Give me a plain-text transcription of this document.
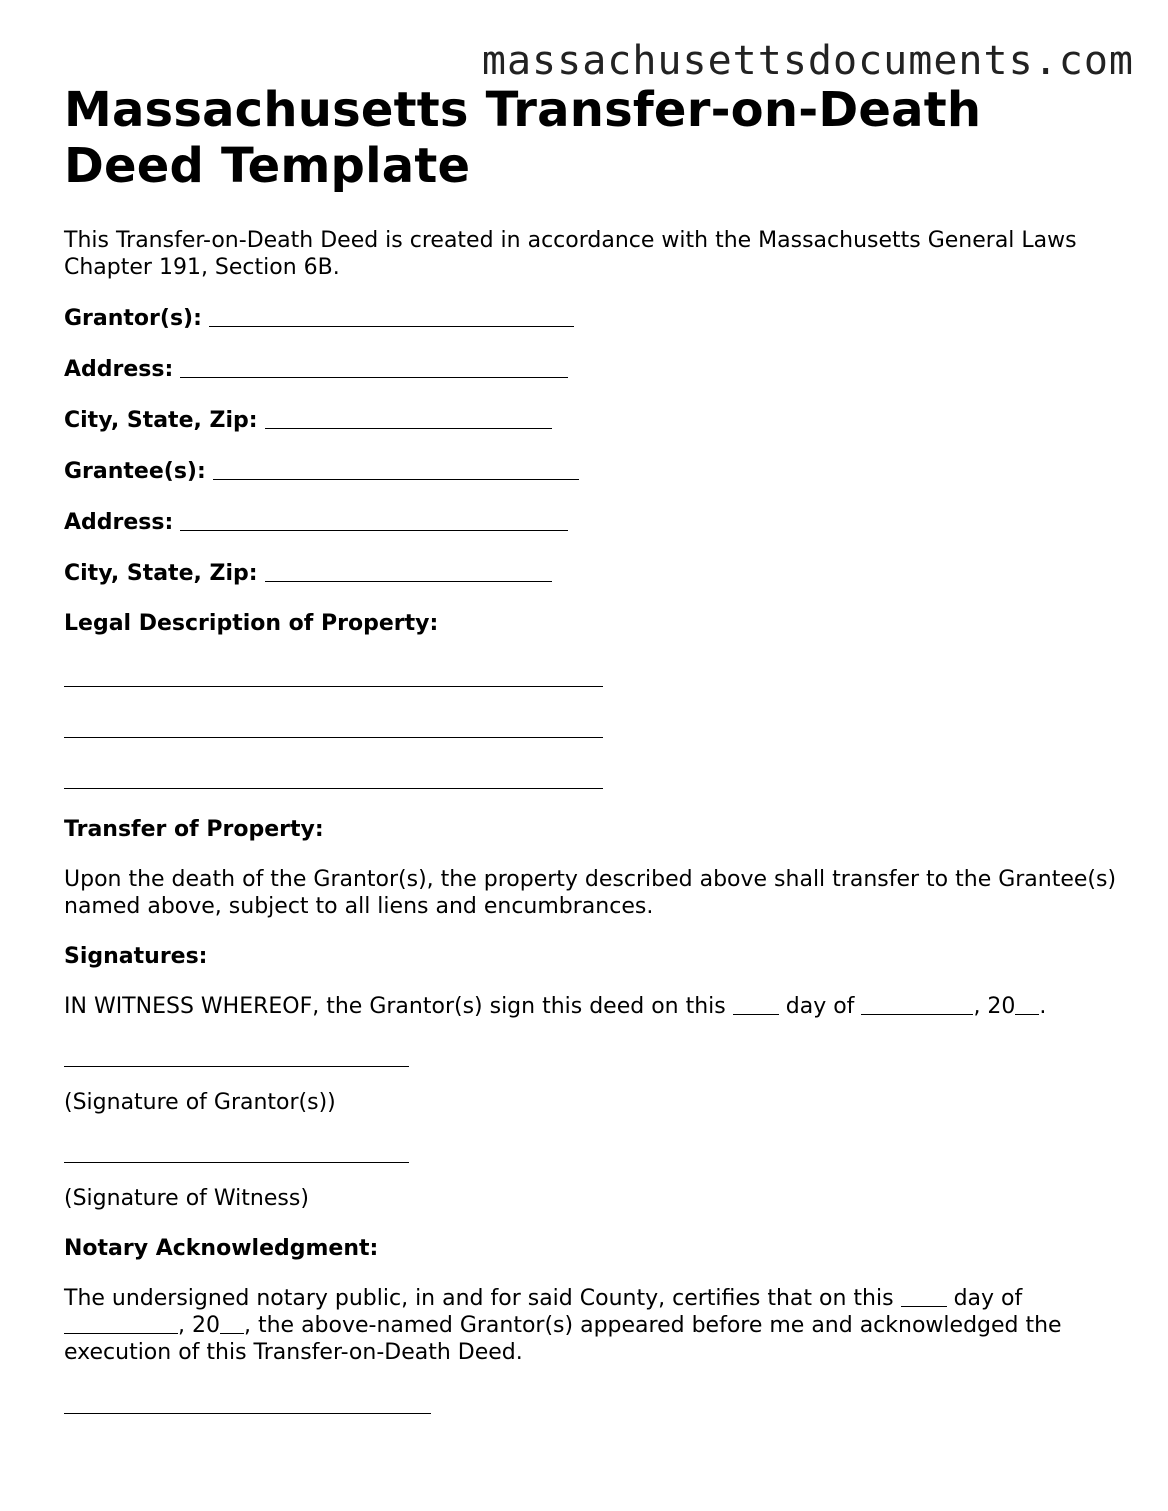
massachusettsdocuments.com
Massachusetts Transfer-on-Death Deed Template

This Transfer-on-Death Deed is created in accordance with the Massachusetts General Laws Chapter 191, Section 6B.

Grantor(s):

Address:

City, State, Zip:

Grantee(s):

Address:

City, State, Zip:

Legal Description of Property:

Transfer of Property:

Upon the death of the Grantor(s), the property described above shall transfer to the Grantee(s) named above, subject to all liens and encumbrances.

Signatures:

IN WITNESS WHEREOF, the Grantor(s) sign this deed on this	day of	, 20 .

(Signature of Grantor(s))

(Signature of Witness)

Notary Acknowledgment:

The undersigned notary public, in and for said County, certifies that on this	day of , 20 , the above-named Grantor(s) appeared before me and acknowledged the execution of this Transfer-on-Death Deed.
